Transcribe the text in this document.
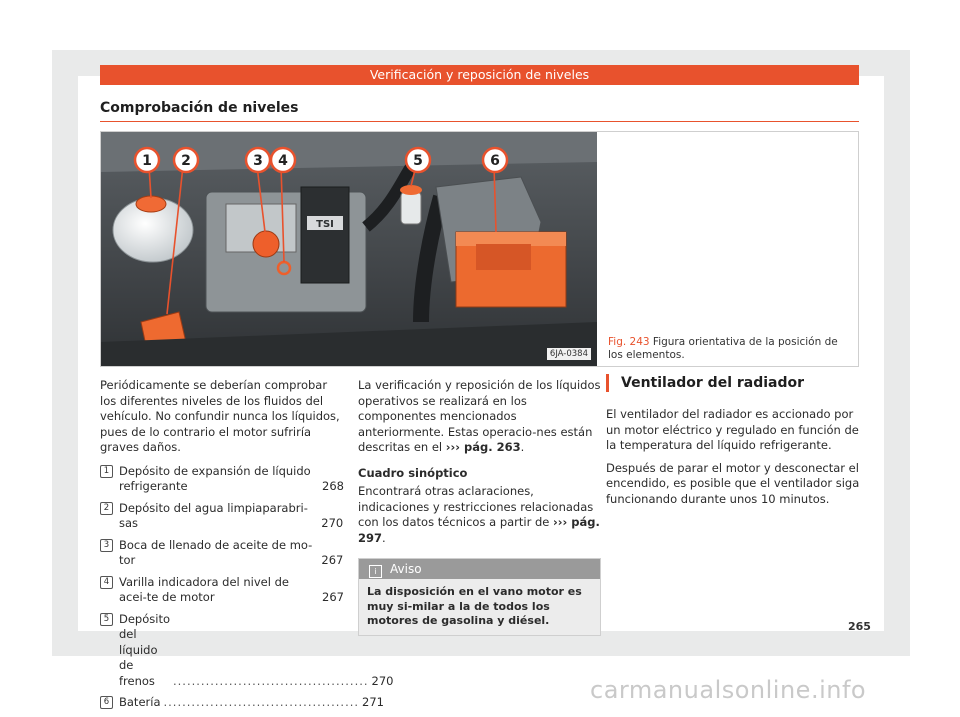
Verificación y reposición de niveles
Comprobación de niveles
TSI
1 2	3 4	5	6
6JA-0384
Fig. 243 Figura orientativa de la posición de los elementos.

Periódicamente se deberían comprobar los diferentes niveles de los fluidos del vehículo. No confundir nunca los líquidos, pues de lo contrario el motor sufriría graves daños.

1 Depósito de expansión de líquido refrigerante	268
2 Depósito del agua limpiaparabri-sas	270
3 Boca de llenado de aceite de mo-tor	267
4 Varilla indicadora del nivel de acei-te de motor	267
5 Depósito del líquido de frenos	.......................................... 270
6 Batería .......................................... 271

La verificación y reposición de los líquidos operativos se realizará en los componentes mencionados anteriormente. Estas operacio-nes están descritas en el ››› pág. 263.

Cuadro sinóptico

Encontrará otras aclaraciones, indicaciones y restricciones relacionadas con los datos técnicos a partir de ››› pág. 297.

i Aviso
La disposición en el vano motor es muy si-milar a la de todos los motores de gasolina y diésel.
Ventilador del radiador

El ventilador del radiador es accionado por un motor eléctrico y regulado en función de la temperatura del líquido refrigerante.

Después de parar el motor y desconectar el encendido, es posible que el ventilador siga funcionando durante unos 10 minutos.

265
carmanualsonline.info
